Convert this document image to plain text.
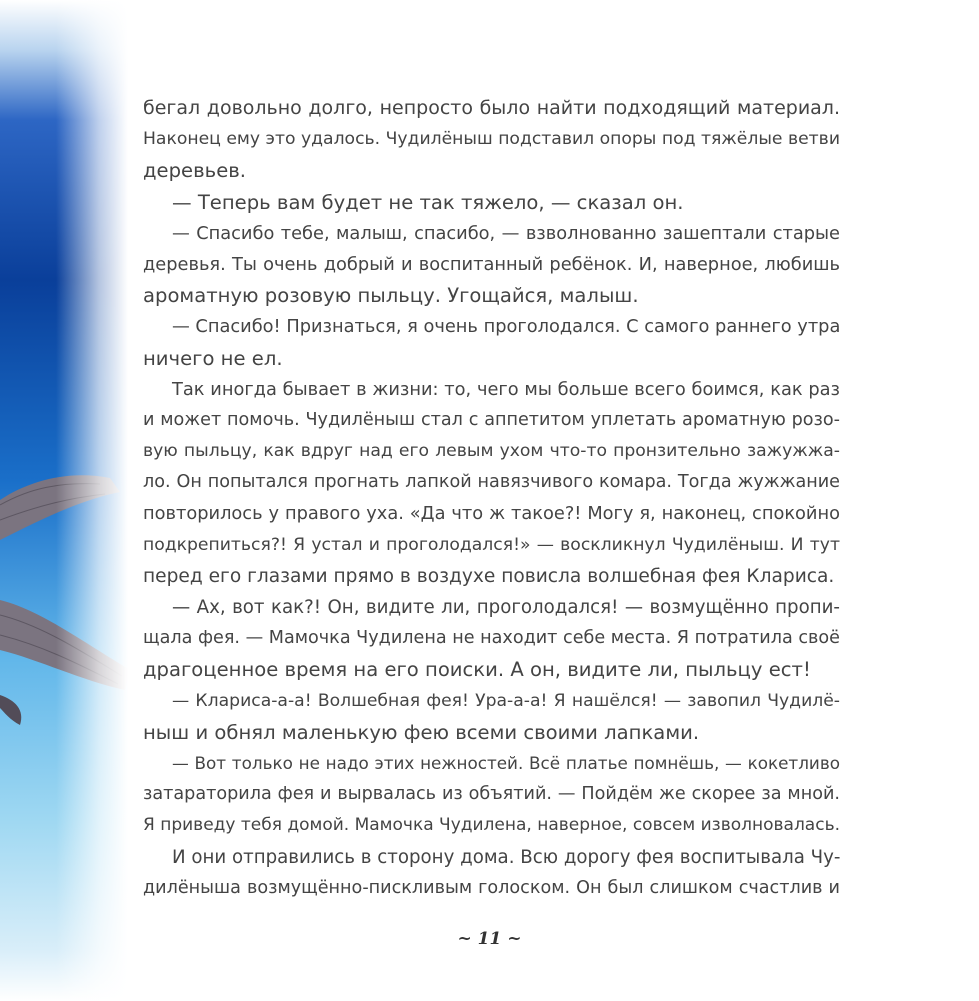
бегал довольно долго, непросто было найти подходящий материал.
Наконец ему это удалось. Чудилёныш подставил опоры под тяжёлые ветви
деревьев.
— Теперь вам будет не так тяжело, — сказал он.
— Спасибо тебе, малыш, спасибо, — взволнованно зашептали старые
деревья. Ты очень добрый и воспитанный ребёнок. И, наверное, любишь
ароматную розовую пыльцу. Угощайся, малыш.
— Спасибо! Признаться, я очень проголодался. С самого раннего утра
ничего не ел.
Так иногда бывает в жизни: то, чего мы больше всего боимся, как раз
и может помочь. Чудилёныш стал с аппетитом уплетать ароматную розо-
вую пыльцу, как вдруг над его левым ухом что-то пронзительно зажужжа-
ло. Он попытался прогнать лапкой навязчивого комара. Тогда жужжание
повторилось у правого уха. «Да что ж такое?! Могу я, наконец, спокойно
подкрепиться?! Я устал и проголодался!» — воскликнул Чудилёныш. И тут
перед его глазами прямо в воздухе повисла волшебная фея Клариса.
— Ах, вот как?! Он, видите ли, проголодался! — возмущённо пропи-
щала фея. — Мамочка Чудилена не находит себе места. Я потратила своё
драгоценное время на его поиски. А он, видите ли, пыльцу ест!
— Клариса-а-а! Волшебная фея! Ура-а-а! Я нашёлся! — завопил Чудилё-
ныш и обнял маленькую фею всеми своими лапками.
— Вот только не надо этих нежностей. Всё платье помнёшь, — кокетливо
затараторила фея и вырвалась из объятий. — Пойдём же скорее за мной.
Я приведу тебя домой. Мамочка Чудилена, наверное, совсем изволновалась.
И они отправились в сторону дома. Всю дорогу фея воспитывала Чу-
дилёныша возмущённо-пискливым голоском. Он был слишком счастлив и
~ 11 ~
